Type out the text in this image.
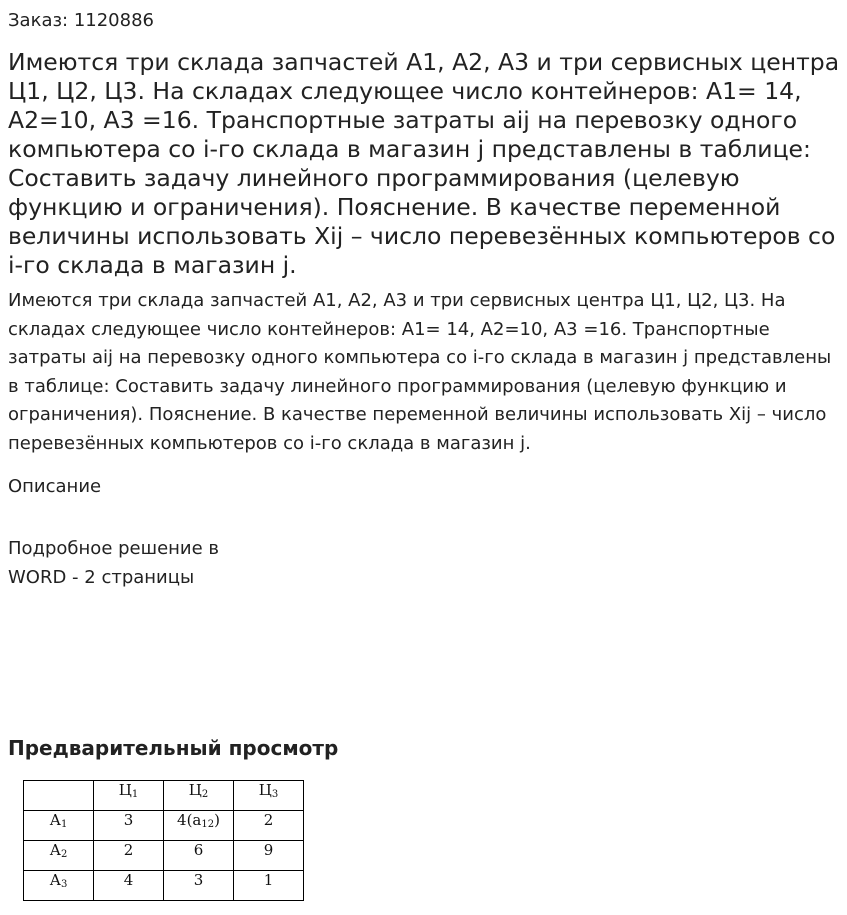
Заказ: 1120886
Имеются три склада запчастей А1, А2, А3 и три сервисных центра Ц1, Ц2, Ц3. На складах следующее число контейнеров: А1= 14, А2=10, А3 =16. Транспортные затраты aij на перевозку одного компьютера со i-го склада в магазин j представлены в таблице: Составить задачу линейного программирования (целевую функцию и ограничения). Пояснение. В качестве переменной величины использовать Xij – число перевезённых компьютеров со i-го склада в магазин j.

Имеются три склада запчастей А1, А2, А3 и три сервисных центра Ц1, Ц2, Ц3. На складах следующее число контейнеров: А1= 14, А2=10, А3 =16. Транспортные затраты aij на перевозку одного компьютера со i-го склада в магазин j представлены в таблице: Составить задачу линейного программирования (целевую функцию и ограничения). Пояснение. В качестве переменной величины использовать Xij – число перевезённых компьютеров со i-го склада в магазин j.

Описание
Подробное решение в
WORD - 2 страницы
Предварительный просмотр
	$Ц_1$	$Ц_2$	$Ц_3$
$А_1$	3	$4(a_{12})$	2
$А_2$	2	6	9
$А_3$	4	3	1
